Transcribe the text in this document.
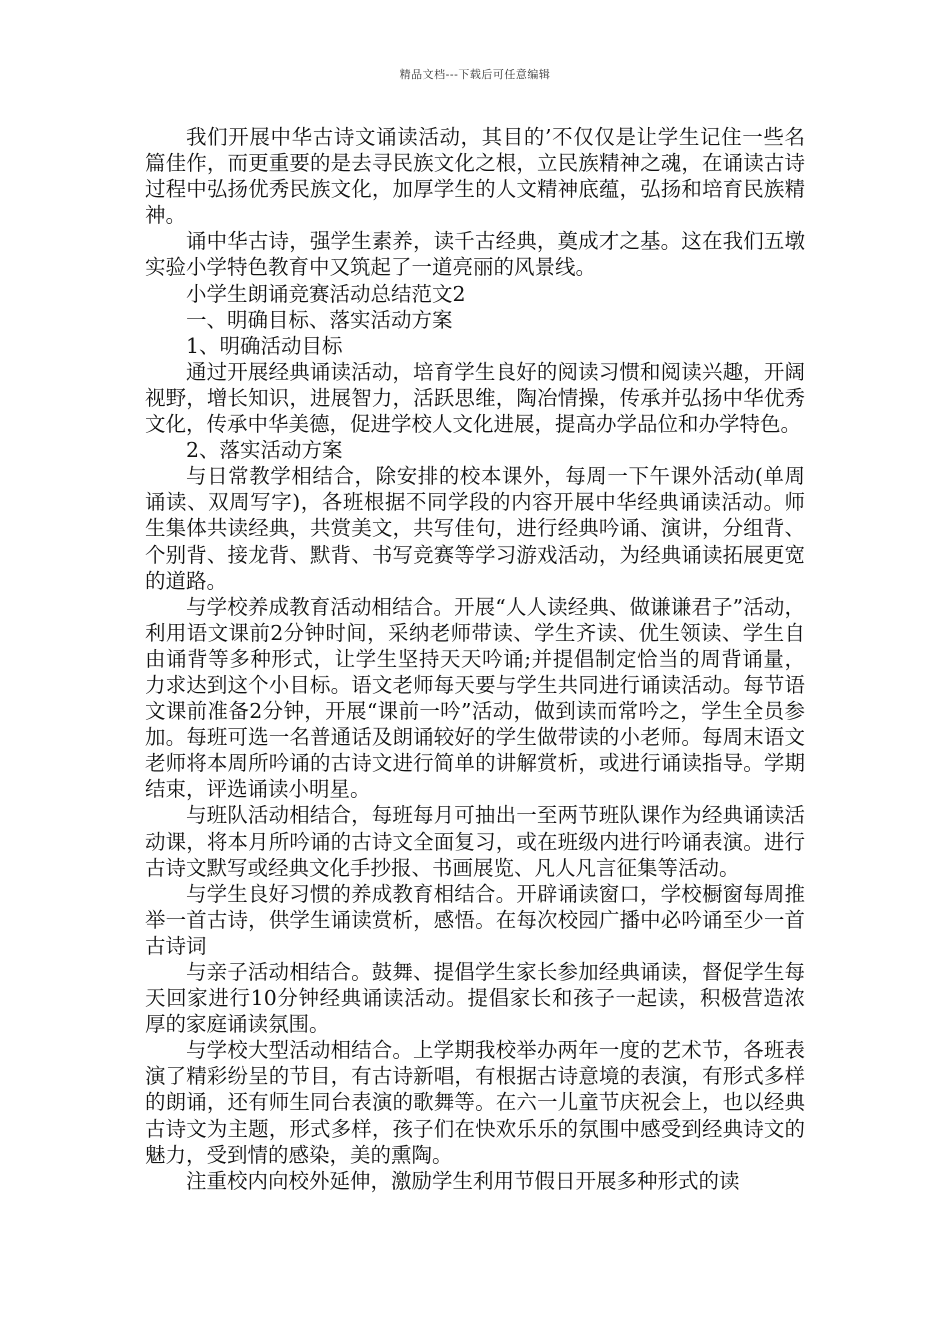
精品文档---下载后可任意编辑

我们开展中华古诗文诵读活动，其目的’不仅仅是让学生记住一些名篇佳作，而更重要的是去寻民族文化之根，立民族精神之魂，在诵读古诗过程中弘扬优秀民族文化，加厚学生的人文精神底蕴，弘扬和培育民族精神。

诵中华古诗，强学生素养，读千古经典，奠成才之基。这在我们五墩实验小学特色教育中又筑起了一道亮丽的风景线。

小学生朗诵竞赛活动总结范文2

一、明确目标、落实活动方案

1、明确活动目标

通过开展经典诵读活动，培育学生良好的阅读习惯和阅读兴趣，开阔视野，增长知识，进展智力，活跃思维，陶冶情操，传承并弘扬中华优秀文化，传承中华美德，促进学校人文化进展，提高办学品位和办学特色。

2、落实活动方案

与日常教学相结合，除安排的校本课外，每周一下午课外活动(单周诵读、双周写字)，各班根据不同学段的内容开展中华经典诵读活动。师生集体共读经典，共赏美文，共写佳句，进行经典吟诵、演讲，分组背、个别背、接龙背、默背、书写竞赛等学习游戏活动，为经典诵读拓展更宽的道路。

与学校养成教育活动相结合。开展“人人读经典、做谦谦君子”活动，利用语文课前2分钟时间，采纳老师带读、学生齐读、优生领读、学生自由诵背等多种形式，让学生坚持天天吟诵;并提倡制定恰当的周背诵量，力求达到这个小目标。语文老师每天要与学生共同进行诵读活动。每节语文课前准备2分钟，开展“课前一吟”活动，做到读而常吟之，学生全员参加。每班可选一名普通话及朗诵较好的学生做带读的小老师。每周末语文老师将本周所吟诵的古诗文进行简单的讲解赏析，或进行诵读指导。学期结束，评选诵读小明星。

与班队活动相结合，每班每月可抽出一至两节班队课作为经典诵读活动课，将本月所吟诵的古诗文全面复习，或在班级内进行吟诵表演。进行古诗文默写或经典文化手抄报、书画展览、凡人凡言征集等活动。

与学生良好习惯的养成教育相结合。开辟诵读窗口，学校橱窗每周推举一首古诗，供学生诵读赏析，感悟。在每次校园广播中必吟诵至少一首古诗词

与亲子活动相结合。鼓舞、提倡学生家长参加经典诵读，督促学生每天回家进行10分钟经典诵读活动。提倡家长和孩子一起读，积极营造浓厚的家庭诵读氛围。

与学校大型活动相结合。上学期我校举办两年一度的艺术节，各班表演了精彩纷呈的节目，有古诗新唱，有根据古诗意境的表演，有形式多样的朗诵，还有师生同台表演的歌舞等。在六一儿童节庆祝会上，也以经典古诗文为主题，形式多样，孩子们在快欢乐乐的氛围中感受到经典诗文的魅力，受到情的感染，美的熏陶。

注重校内向校外延伸，激励学生利用节假日开展多种形式的读
